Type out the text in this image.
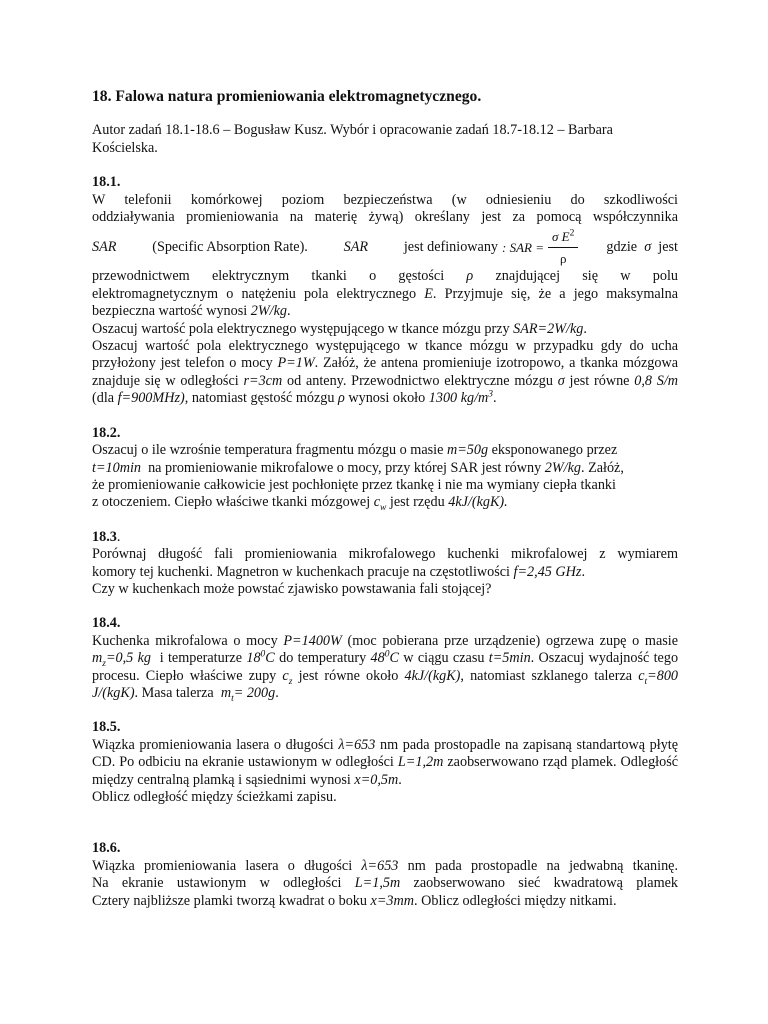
18. Falowa natura promieniowania elektromagnetycznego.

Autor zadań 18.1-18.6 – Bogusław Kusz. Wybór i opracowanie zadań 18.7-18.12 – Barbara Kościelska.

18.1.

W telefonii komórkowej poziom bezpieczeństwa (w odniesieniu do szkodliwości

oddziaływania promieniowania na materię żywą) określany jest za pomocą współczynnika

SAR	(Specific Absorption Rate).	SAR	jest definiowany : SAR = $\frac{\sigma E^2}{\rho}$ gdzie σ jest

przewodnictwem elektrycznym tkanki o gęstości ρ znajdującej się w polu

elektromagnetycznym o natężeniu pola elektrycznego E. Przyjmuje się, że a jego maksymalna

bezpieczna wartość wynosi 2W/kg.

Oszacuj wartość pola elektrycznego występującego w tkance mózgu przy SAR=2W/kg.

Oszacuj wartość pola elektrycznego występującego w tkance mózgu w przypadku gdy do ucha przyłożony jest telefon o mocy P=1W. Załóż, że antena promieniuje izotropowo, a tkanka mózgowa znajduje się w odległości r=3cm od anteny. Przewodnictwo elektryczne mózgu σ jest równe 0,8 S/m (dla f=900MHz), natomiast gęstość mózgu ρ wynosi około 1300 $kg/m^3$.

18.2.

Oszacuj o ile wzrośnie temperatura fragmentu mózgu o masie m=50g eksponowanego przez

t=10min na promieniowanie mikrofalowe o mocy, przy której SAR jest równy 2W/kg. Załóż,

że promieniowanie całkowicie jest pochłonięte przez tkankę i nie ma wymiany ciepła tkanki

z otoczeniem. Ciepło właściwe tkanki mózgowej $c_w$ jest rzędu 4kJ/(kgK).

18.3.

Porównaj długość fali promieniowania mikrofalowego kuchenki mikrofalowej z wymiarem

komory tej kuchenki. Magnetron w kuchenkach pracuje na częstotliwości f=2,45 GHz.

Czy w kuchenkach może powstać zjawisko powstawania fali stojącej?

18.4.

Kuchenka mikrofalowa o mocy P=1400W (moc pobierana prze urządzenie) ogrzewa zupę o masie $m_z=0,5$ kg i temperaturze $18^0C$ do temperatury $48^0C$ w ciągu czasu t=5min. Oszacuj wydajność tego procesu. Ciepło właściwe zupy $c_z$ jest równe około 4kJ/(kgK), natomiast szklanego talerza $c_t=800$ J/(kgK). Masa talerza $m_t= 200g$.

18.5.

Wiązka promieniowania lasera o długości λ=653 nm pada prostopadle na zapisaną standartową płytę CD. Po odbiciu na ekranie ustawionym w odległości L=1,2m zaobserwowano rząd plamek. Odległość między centralną plamką i sąsiednimi wynosi x=0,5m.

Oblicz odległość między ścieżkami zapisu.

18.6.

Wiązka promieniowania lasera o długości λ=653 nm pada prostopadle na jedwabną tkaninę.

Na ekranie ustawionym w odległości L=1,5m zaobserwowano sieć kwadratową plamek

Cztery najbliższe plamki tworzą kwadrat o boku x=3mm. Oblicz odległości między nitkami.
